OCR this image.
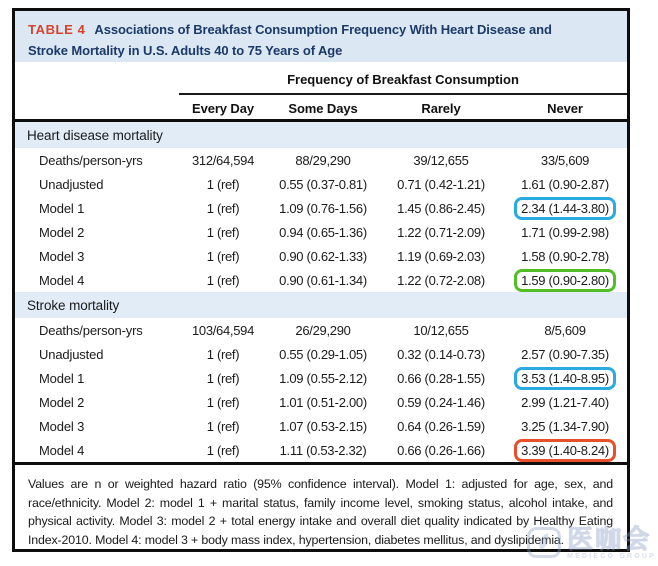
TABLE 4 Associations of Breakfast Consumption Frequency With Heart Disease and
Stroke Mortality in U.S. Adults 40 to 75 Years of Age
Frequency of Breakfast Consumption
Every Day	Some Days	Rarely	Never
Heart disease mortality
Deaths/person-yrs	312/64,594	88/29,290	39/12,655	33/5,609
Unadjusted	1 (ref)	0.55 (0.37-0.81)	0.71 (0.42-1.21)	1.61 (0.90-2.87)
Model 1	1 (ref)	1.09 (0.76-1.56)	1.45 (0.86-2.45)	2.34 (1.44-3.80)
Model 2	1 (ref)	0.94 (0.65-1.36)	1.22 (0.71-2.09)	1.71 (0.99-2.98)
Model 3	1 (ref)	0.90 (0.62-1.33)	1.19 (0.69-2.03)	1.58 (0.90-2.78)
Model 4	1 (ref)	0.90 (0.61-1.34)	1.22 (0.72-2.08)	1.59 (0.90-2.80)
Stroke mortality
Deaths/person-yrs	103/64,594	26/29,290	10/12,655	8/5,609
Unadjusted	1 (ref)	0.55 (0.29-1.05)	0.32 (0.14-0.73)	2.57 (0.90-7.35)
Model 1	1 (ref)	1.09 (0.55-2.12)	0.66 (0.28-1.55)	3.53 (1.40-8.95)
Model 2	1 (ref)	1.01 (0.51-2.00)	0.59 (0.24-1.46)	2.99 (1.21-7.40)
Model 3	1 (ref)	1.07 (0.53-2.15)	0.64 (0.26-1.59)	3.25 (1.34-7.90)
Model 4	1 (ref)	1.11 (0.53-2.32)	0.66 (0.26-1.66)	3.39 (1.40-8.24)
Values are n or weighted hazard ratio (95% confidence interval). Model 1: adjusted for age, sex, and race/ethnicity. Model 2: model 1 + marital status, family income level, smoking status, alcohol intake, and physical activity. Model 3: model 2 + total energy intake and overall diet quality indicated by Healthy Eating Index-2010. Model 4: model 3 + body mass index, hypertension, diabetes mellitus, and dyslipidemia. 医咖会
MEDIECO GROUP
